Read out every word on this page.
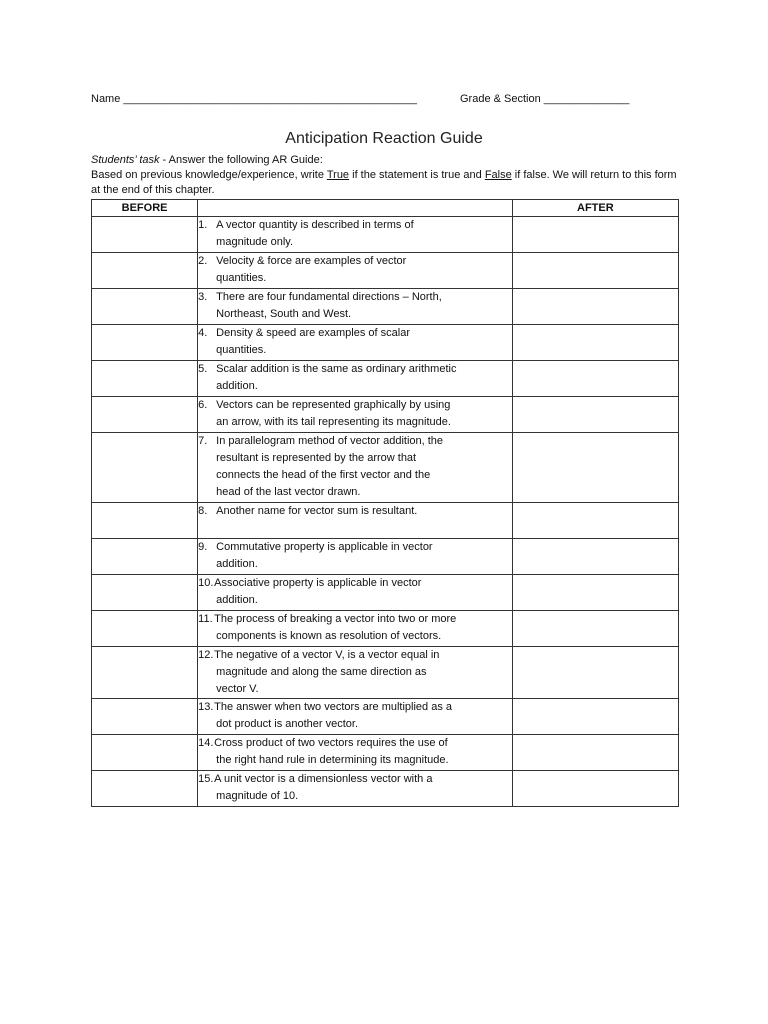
Name ________________________________________________	Grade & Section ______________
Anticipation Reaction Guide

Students’ task - Answer the following AR Guide:

Based on previous knowledge/experience, write True if the statement is true and False if false. We will return to this form at the end of this chapter.

BEFORE		AFTER

	1. A vector quantity is described in terms of
magnitude only.	

	2. Velocity & force are examples of vector
quantities.	

	3. There are four fundamental directions – North,
Northeast, South and West.	

	4. Density & speed are examples of scalar
quantities.	

	5. Scalar addition is the same as ordinary arithmetic
addition.	

	6. Vectors can be represented graphically by using
an arrow, with its tail representing its magnitude.	

	7. In parallelogram method of vector addition, the
resultant is represented by the arrow that
connects the head of the first vector and the
head of the last vector drawn.	

	8. Another name for vector sum is resultant.	

	9. Commutative property is applicable in vector
addition.	

	10. Associative property is applicable in vector
addition.	

	11. The process of breaking a vector into two or more
components is known as resolution of vectors.	

	12. The negative of a vector V, is a vector equal in
magnitude and along the same direction as
vector V.	

	13. The answer when two vectors are multiplied as a
dot product is another vector.	

	14. Cross product of two vectors requires the use of
the right hand rule in determining its magnitude.	

	15. A unit vector is a dimensionless vector with a
magnitude of 10.	
